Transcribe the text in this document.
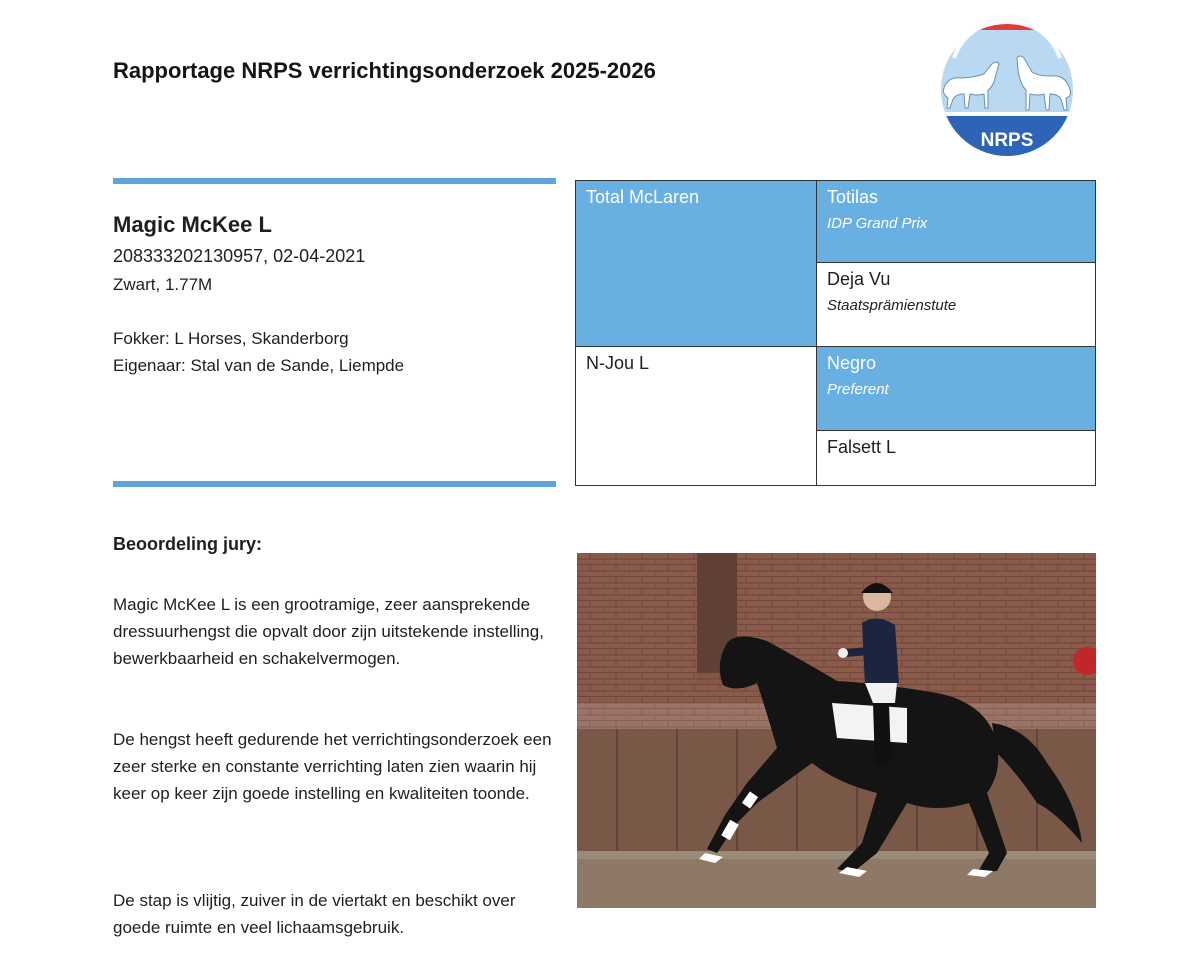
Rapportage NRPS verrichtingsonderzoek 2025-2026
NRPS
Magic McKee L
208333202130957, 02-04-2021
Zwart, 1.77M
Fokker: L Horses, Skanderborg
Eigenaar: Stal van de Sande, Liempde
Total McLaren	Totilas
IDP Grand Prix
Deja Vu
Staatsprämienstute
N-Jou L	Negro
Preferent
Falsett L
Beoordeling jury:
Magic McKee L is een grootramige, zeer aansprekende dressuurhengst die opvalt door zijn uitstekende instelling, bewerkbaarheid en schakelvermogen.
De hengst heeft gedurende het verrichtingsonderzoek een zeer sterke en constante verrichting laten zien waarin hij keer op keer zijn goede instelling en kwaliteiten toonde.
De stap is vlijtig, zuiver in de viertakt en beschikt over goede ruimte en veel lichaamsgebruik.
